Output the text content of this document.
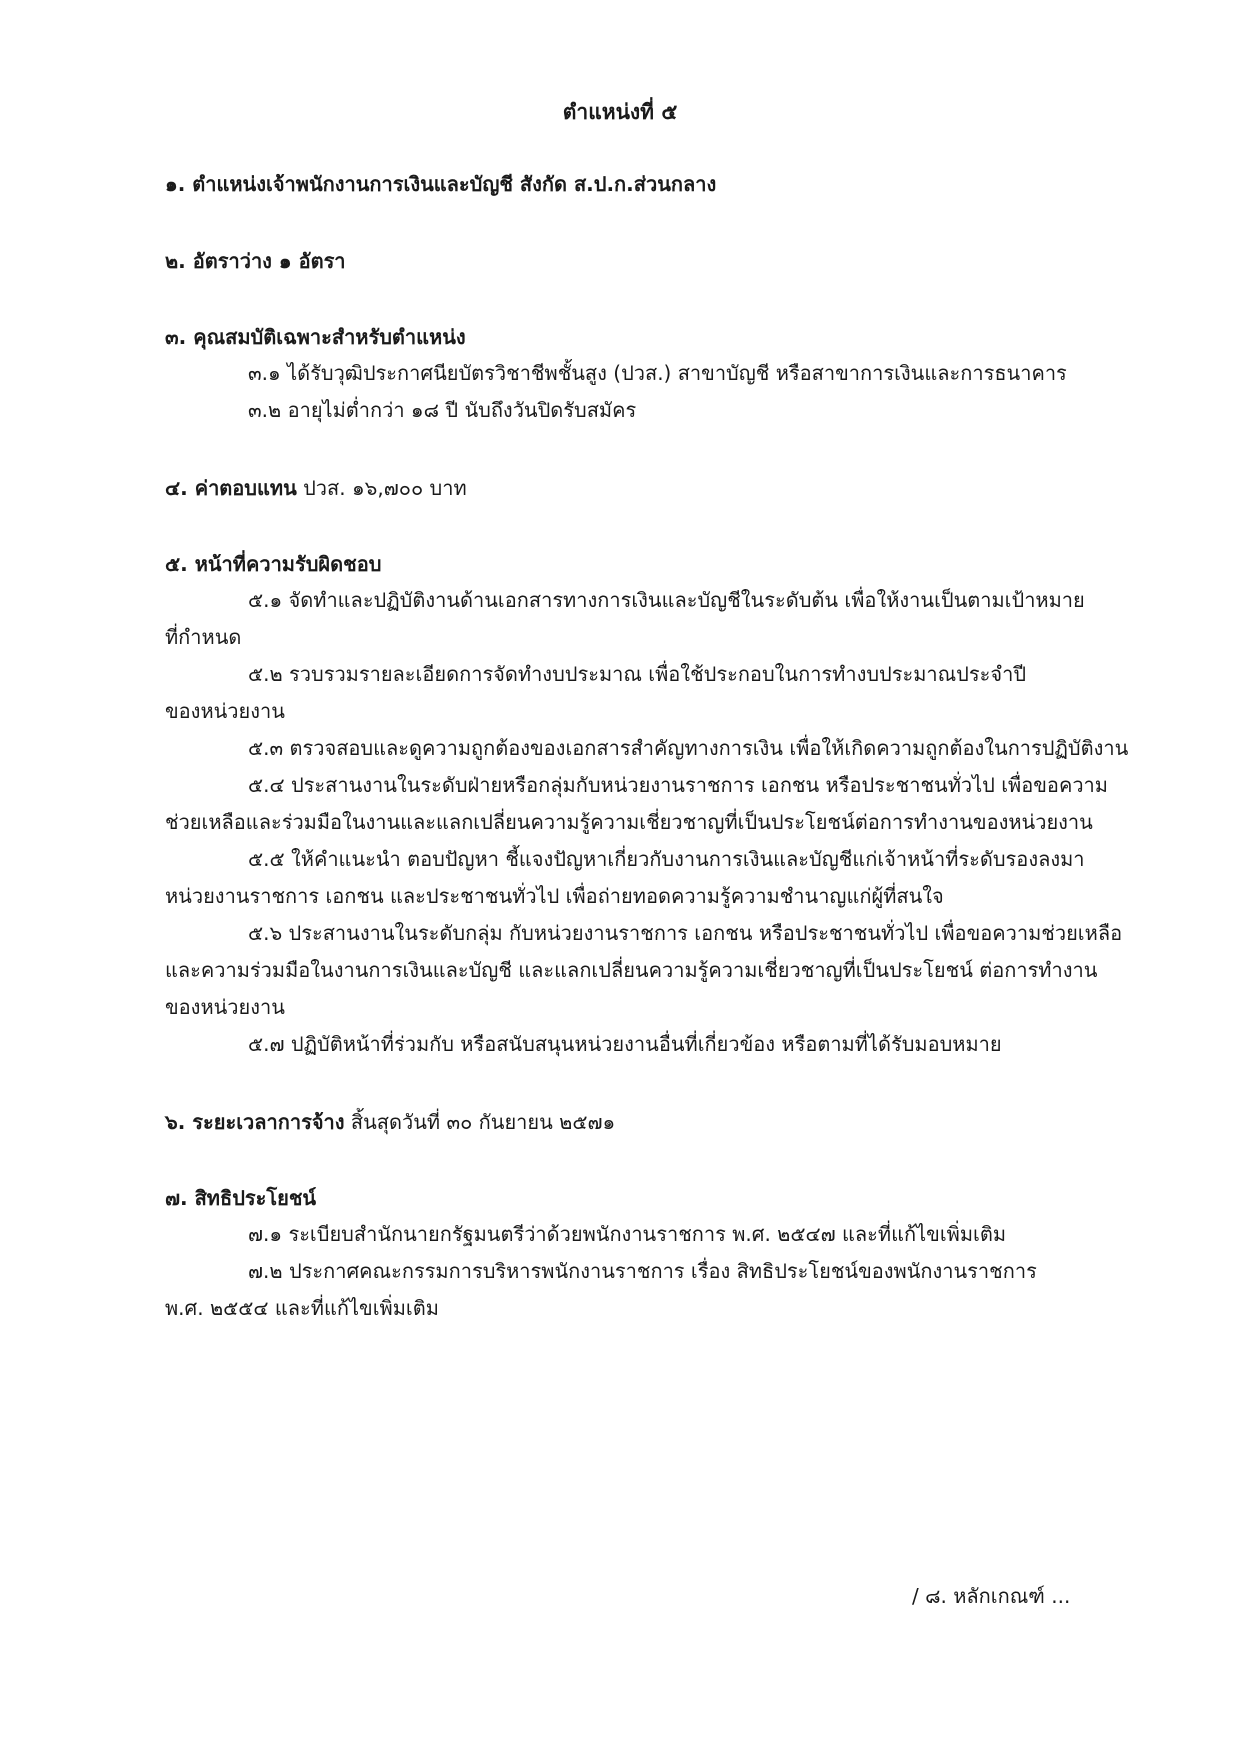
ตำแหน่งที่ ๕
๑. ตำแหน่งเจ้าพนักงานการเงินและบัญชี สังกัด ส.ป.ก.ส่วนกลาง
๒. อัตราว่าง ๑ อัตรา
๓. คุณสมบัติเฉพาะสำหรับตำแหน่ง
๓.๑ ได้รับวุฒิประกาศนียบัตรวิชาชีพชั้นสูง (ปวส.) สาขาบัญชี หรือสาขาการเงินและการธนาคาร
๓.๒ อายุไม่ต่ำกว่า ๑๘ ปี นับถึงวันปิดรับสมัคร
๔. ค่าตอบแทน ปวส. ๑๖,๗๐๐ บาท
๕. หน้าที่ความรับผิดชอบ
๕.๑ จัดทำและปฏิบัติงานด้านเอกสารทางการเงินและบัญชีในระดับต้น เพื่อให้งานเป็นตามเป้าหมาย
ที่กำหนด
๕.๒ รวบรวมรายละเอียดการจัดทำงบประมาณ เพื่อใช้ประกอบในการทำงบประมาณประจำปี
ของหน่วยงาน
๕.๓ ตรวจสอบและดูความถูกต้องของเอกสารสำคัญทางการเงิน เพื่อให้เกิดความถูกต้องในการปฏิบัติงาน
๕.๔ ประสานงานในระดับฝ่ายหรือกลุ่มกับหน่วยงานราชการ เอกชน หรือประชาชนทั่วไป เพื่อขอความ
ช่วยเหลือและร่วมมือในงานและแลกเปลี่ยนความรู้ความเชี่ยวชาญที่เป็นประโยชน์ต่อการทำงานของหน่วยงาน
๕.๕ ให้คำแนะนำ ตอบปัญหา ชี้แจงปัญหาเกี่ยวกับงานการเงินและบัญชีแก่เจ้าหน้าที่ระดับรองลงมา
หน่วยงานราชการ เอกชน และประชาชนทั่วไป เพื่อถ่ายทอดความรู้ความชำนาญแก่ผู้ที่สนใจ
๕.๖ ประสานงานในระดับกลุ่ม กับหน่วยงานราชการ เอกชน หรือประชาชนทั่วไป เพื่อขอความช่วยเหลือ
และความร่วมมือในงานการเงินและบัญชี และแลกเปลี่ยนความรู้ความเชี่ยวชาญที่เป็นประโยชน์ ต่อการทำงาน
ของหน่วยงาน
๕.๗ ปฏิบัติหน้าที่ร่วมกับ หรือสนับสนุนหน่วยงานอื่นที่เกี่ยวข้อง หรือตามที่ได้รับมอบหมาย
๖. ระยะเวลาการจ้าง สิ้นสุดวันที่ ๓๐ กันยายน ๒๕๗๑
๗. สิทธิประโยชน์
๗.๑ ระเบียบสำนักนายกรัฐมนตรีว่าด้วยพนักงานราชการ พ.ศ. ๒๕๔๗ และที่แก้ไขเพิ่มเติม
๗.๒ ประกาศคณะกรรมการบริหารพนักงานราชการ เรื่อง สิทธิประโยชน์ของพนักงานราชการ
พ.ศ. ๒๕๕๔ และที่แก้ไขเพิ่มเติม
/ ๘. หลักเกณฑ์ ...
